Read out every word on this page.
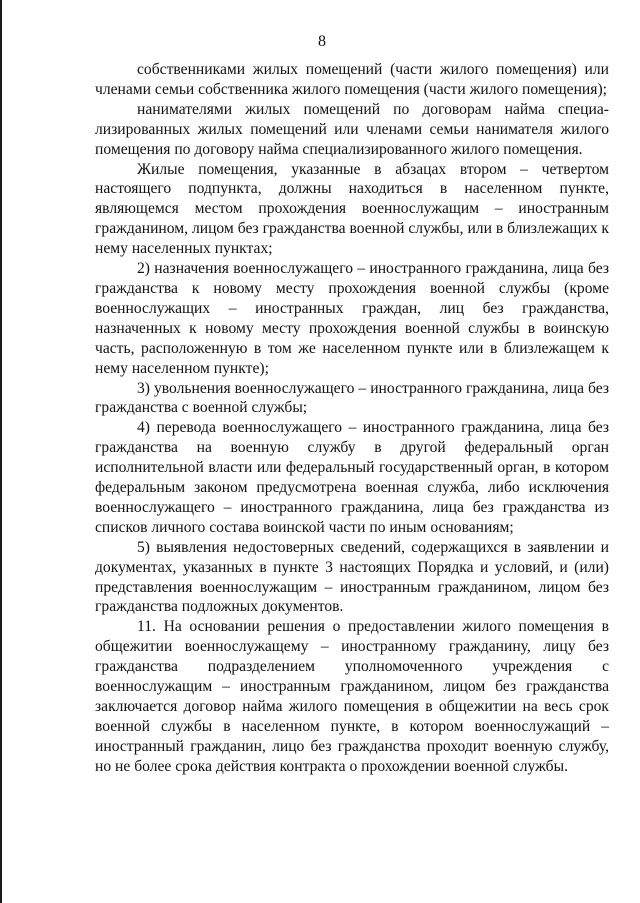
8

собственниками жилых помещений (части жилого помещения) или членами семьи собственника жилого помещения (части жилого помещения);

нанимателями жилых помещений по договорам найма специализированных жилых помещений или членами семьи нанимателя жилого помещения по договору найма специализированного жилого помещения.

Жилые помещения, указанные в абзацах втором – четвертом настоящего подпункта, должны находиться в населенном пункте, являющемся местом прохождения военнослужащим – иностранным гражданином, лицом без гражданства военной службы, или в близлежащих к нему населенных пунктах;

2) назначения военнослужащего – иностранного гражданина, лица без гражданства к новому месту прохождения военной службы (кроме военнослужащих – иностранных граждан, лиц без гражданства, назначенных к новому месту прохождения военной службы в воинскую часть, расположенную в том же населенном пункте или в близлежащем к нему населенном пункте);

3) увольнения военнослужащего – иностранного гражданина, лица без гражданства с военной службы;

4) перевода военнослужащего – иностранного гражданина, лица без гражданства на военную службу в другой федеральный орган исполнительной власти или федеральный государственный орган, в котором федеральным законом предусмотрена военная служба, либо исключения военнослужащего – иностранного гражданина, лица без гражданства из списков личного состава воинской части по иным основаниям;

5) выявления недостоверных сведений, содержащихся в заявлении и документах, указанных в пункте 3 настоящих Порядка и условий, и (или) представления военнослужащим – иностранным гражданином, лицом без гражданства подложных документов.

11. На основании решения о предоставлении жилого помещения в общежитии военнослужащему – иностранному гражданину, лицу без гражданства подразделением уполномоченного учреждения с военнослужащим – иностранным гражданином, лицом без гражданства заключается договор найма жилого помещения в общежитии на весь срок военной службы в населенном пункте, в котором военнослужащий – иностранный гражданин, лицо без гражданства проходит военную службу, но не более срока действия контракта о прохождении военной службы.
